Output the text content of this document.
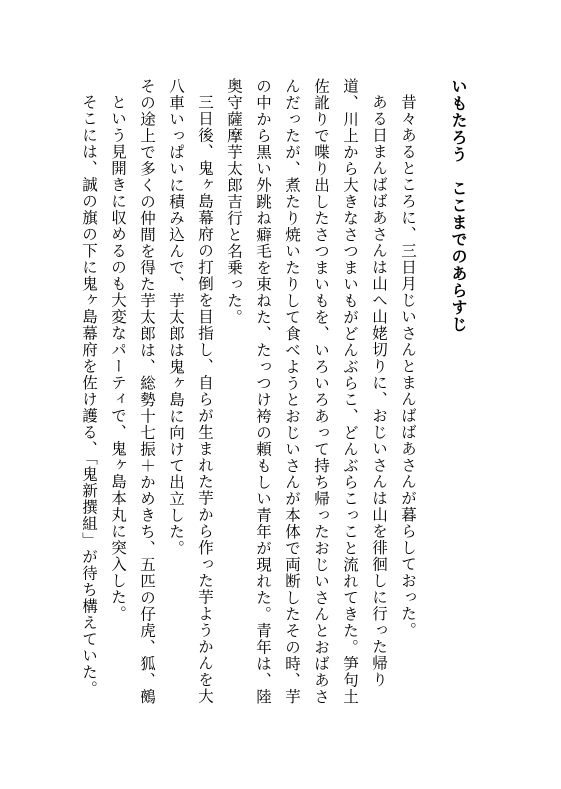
いもたろう　ここまでのあらすじ

昔々あるところに、三日月じいさんとまんばばあさんが暮らしておった。

ある日まんばばあさんは山へ山姥切りに、おじいさんは山を徘徊しに行った帰り道、川上から大きなさつまいもがどんぶらこ、どんぶらこっこと流れてきた。笋句土佐訛りで喋り出したさつまいもを、いろいろあって持ち帰ったおじいさんとおばあさんだったが、煮たり焼いたりして食べようとおじいさんが本体で両断したその時、芋の中から黒い外跳ね癖毛を束ねた、たっつけ袴の頼もしい青年が現れた。青年は、陸奥守薩摩芋太郎吉行と名乗った。

三日後、鬼ヶ島幕府の打倒を目指し、自らが生まれた芋から作った芋ようかんを大八車いっぱいに積み込んで、芋太郎は鬼ヶ島に向けて出立した。

その途上で多くの仲間を得た芋太郎は、総勢十七振＋かめきち、五匹の仔虎、狐、鵺という見開きに収めるのも大変なパーティで、鬼ヶ島本丸に突入した。

そこには、誠の旗の下に鬼ヶ島幕府を佐け護る、「鬼新撰組」が待ち構えていた。
